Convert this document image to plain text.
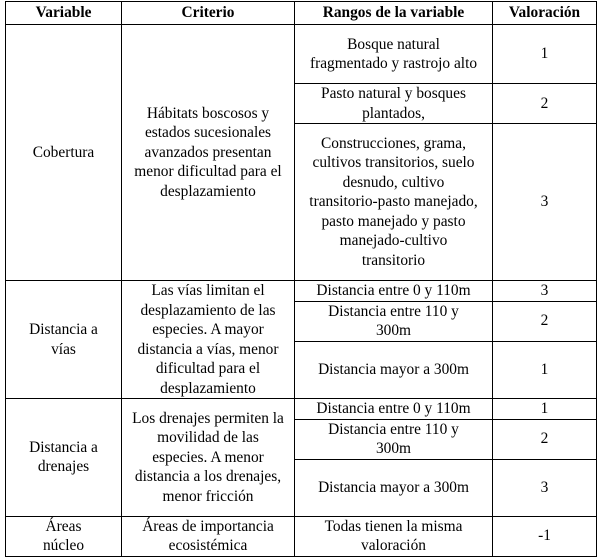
Variable	Criterio	Rangos de la variable	Valoración
Cobertura	Hábitats boscosos y estados sucesionales avanzados presentan menor dificultad para el desplazamiento	Bosque natural fragmentado y rastrojo alto	1
		Pasto natural y bosques plantados,	2
		Construcciones, grama, cultivos transitorios, suelo desnudo, cultivo transitorio-pasto manejado, pasto manejado y pasto manejado-cultivo transitorio	3
Distancia a vías	Las vías limitan el desplazamiento de las especies. A mayor distancia a vías, menor dificultad para el desplazamiento	Distancia entre 0 y 110m	3
		Distancia entre 110 y 300m	2
		Distancia mayor a 300m	1
Distancia a drenajes	Los drenajes permiten la movilidad de las especies. A menor distancia a los drenajes, menor fricción	Distancia entre 0 y 110m	1
		Distancia entre 110 y 300m	2
		Distancia mayor a 300m	3
Áreas núcleo	Áreas de importancia ecosistémica	Todas tienen la misma valoración	-1
